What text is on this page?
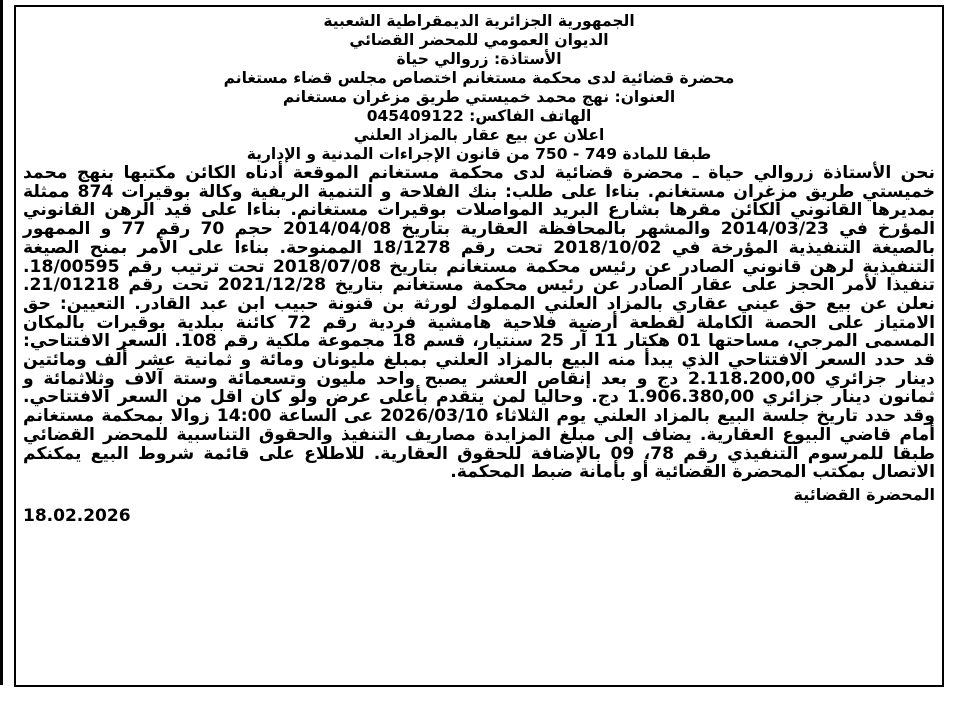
الجمهورية الجزائرية الديمقراطية الشعبية
الديوان العمومي للمحضر القضائي
الأستاذة: زروالي حياة
محضرة قضائية لدى محكمة مستغانم اختصاص مجلس قضاء مستغانم
العنوان: نهج محمد خميستي طريق مزغران مستغانم
الهاتف الفاكس: 045409122
اعلان عن بيع عقار بالمزاد العلني
طبقا للمادة 749 - 750 من قانون الإجراءات المدنية و الإدارية
نحن الأستاذة زروالي حياة ـ محضرة قضائية لدى محكمة مستغانم الموقعة أدناه الكائن مكتبها بنهج محمد خميستي طريق مزغران مستغانم. بناءا على طلب: بنك الفلاحة و التنمية الريفية وكالة بوقيرات 874 ممثلة بمديرها القانوني الكائن مقرها بشارع البريد المواصلات بوقيرات مستغانم. بناءا على قيد الرهن القانوني المؤرخ في 2014/03/23 والمشهر بالمحافظة العقارية بتاريخ 2014/04/08 حجم 70 رقم 77 و الممهور بالصيغة التنفيذية المؤرخة في 2018/10/02 تحت رقم 18/1278 الممنوحة. بناءا على الأمر بمنح الصيغة التنفيذية لرهن قانوني الصادر عن رئيس محكمة مستغانم بتاريخ 2018/07/08 تحت ترتيب رقم 18/00595. تنفيذا لأمر الحجز على عقار الصادر عن رئيس محكمة مستغانم بتاريخ 2021/12/28 تحت رقم 21/01218. نعلن عن بيع حق عيني عقاري بالمزاد العلني المملوك لورثة بن قنونة حبيب ابن عبد القادر. التعيين: حق الامتياز على الحصة الكاملة لقطعة أرضية فلاحية هامشية فردية رقم 72 كائنة ببلدية بوقيرات بالمكان المسمى المرجي، مساحتها 01 هكتار 11 آر 25 سنتيار، قسم 18 مجموعة ملكية رقم 108. السعر الافتتاحي: قد حدد السعر الافتتاحي الذي يبدأ منه البيع بالمزاد العلني بمبلغ مليونان ومائة و ثمانية عشر ألف ومائتين دينار جزائري 2.118.200,00 دج و بعد إنقاص العشر يصبح واحد مليون وتسعمائة وستة آلاف وثلاثمائة و ثمانون دينار جزائري 1.906.380,00 دج. وحاليا لمن يتقدم بأعلى عرض ولو كان اقل من السعر الافتتاحي. وقد حدد تاريخ جلسة البيع بالمزاد العلني يوم الثلاثاء 2026/03/10 عى الساعة 14:00 زوالا بمحكمة مستغانم أمام قاضي البيوع العقارية. يضاف إلى مبلغ المزايدة مصاريف التنفيذ والحقوق التناسبية للمحضر القضائي طبقا للمرسوم التنفيذي رقم 78، 09 بالإضافة للحقوق العقارية. للاطلاع على قائمة شروط البيع يمكنكم الاتصال بمكتب المحضرة القضائية أو بأمانة ضبط المحكمة.
المحضرة القضائية
18.02.2026
